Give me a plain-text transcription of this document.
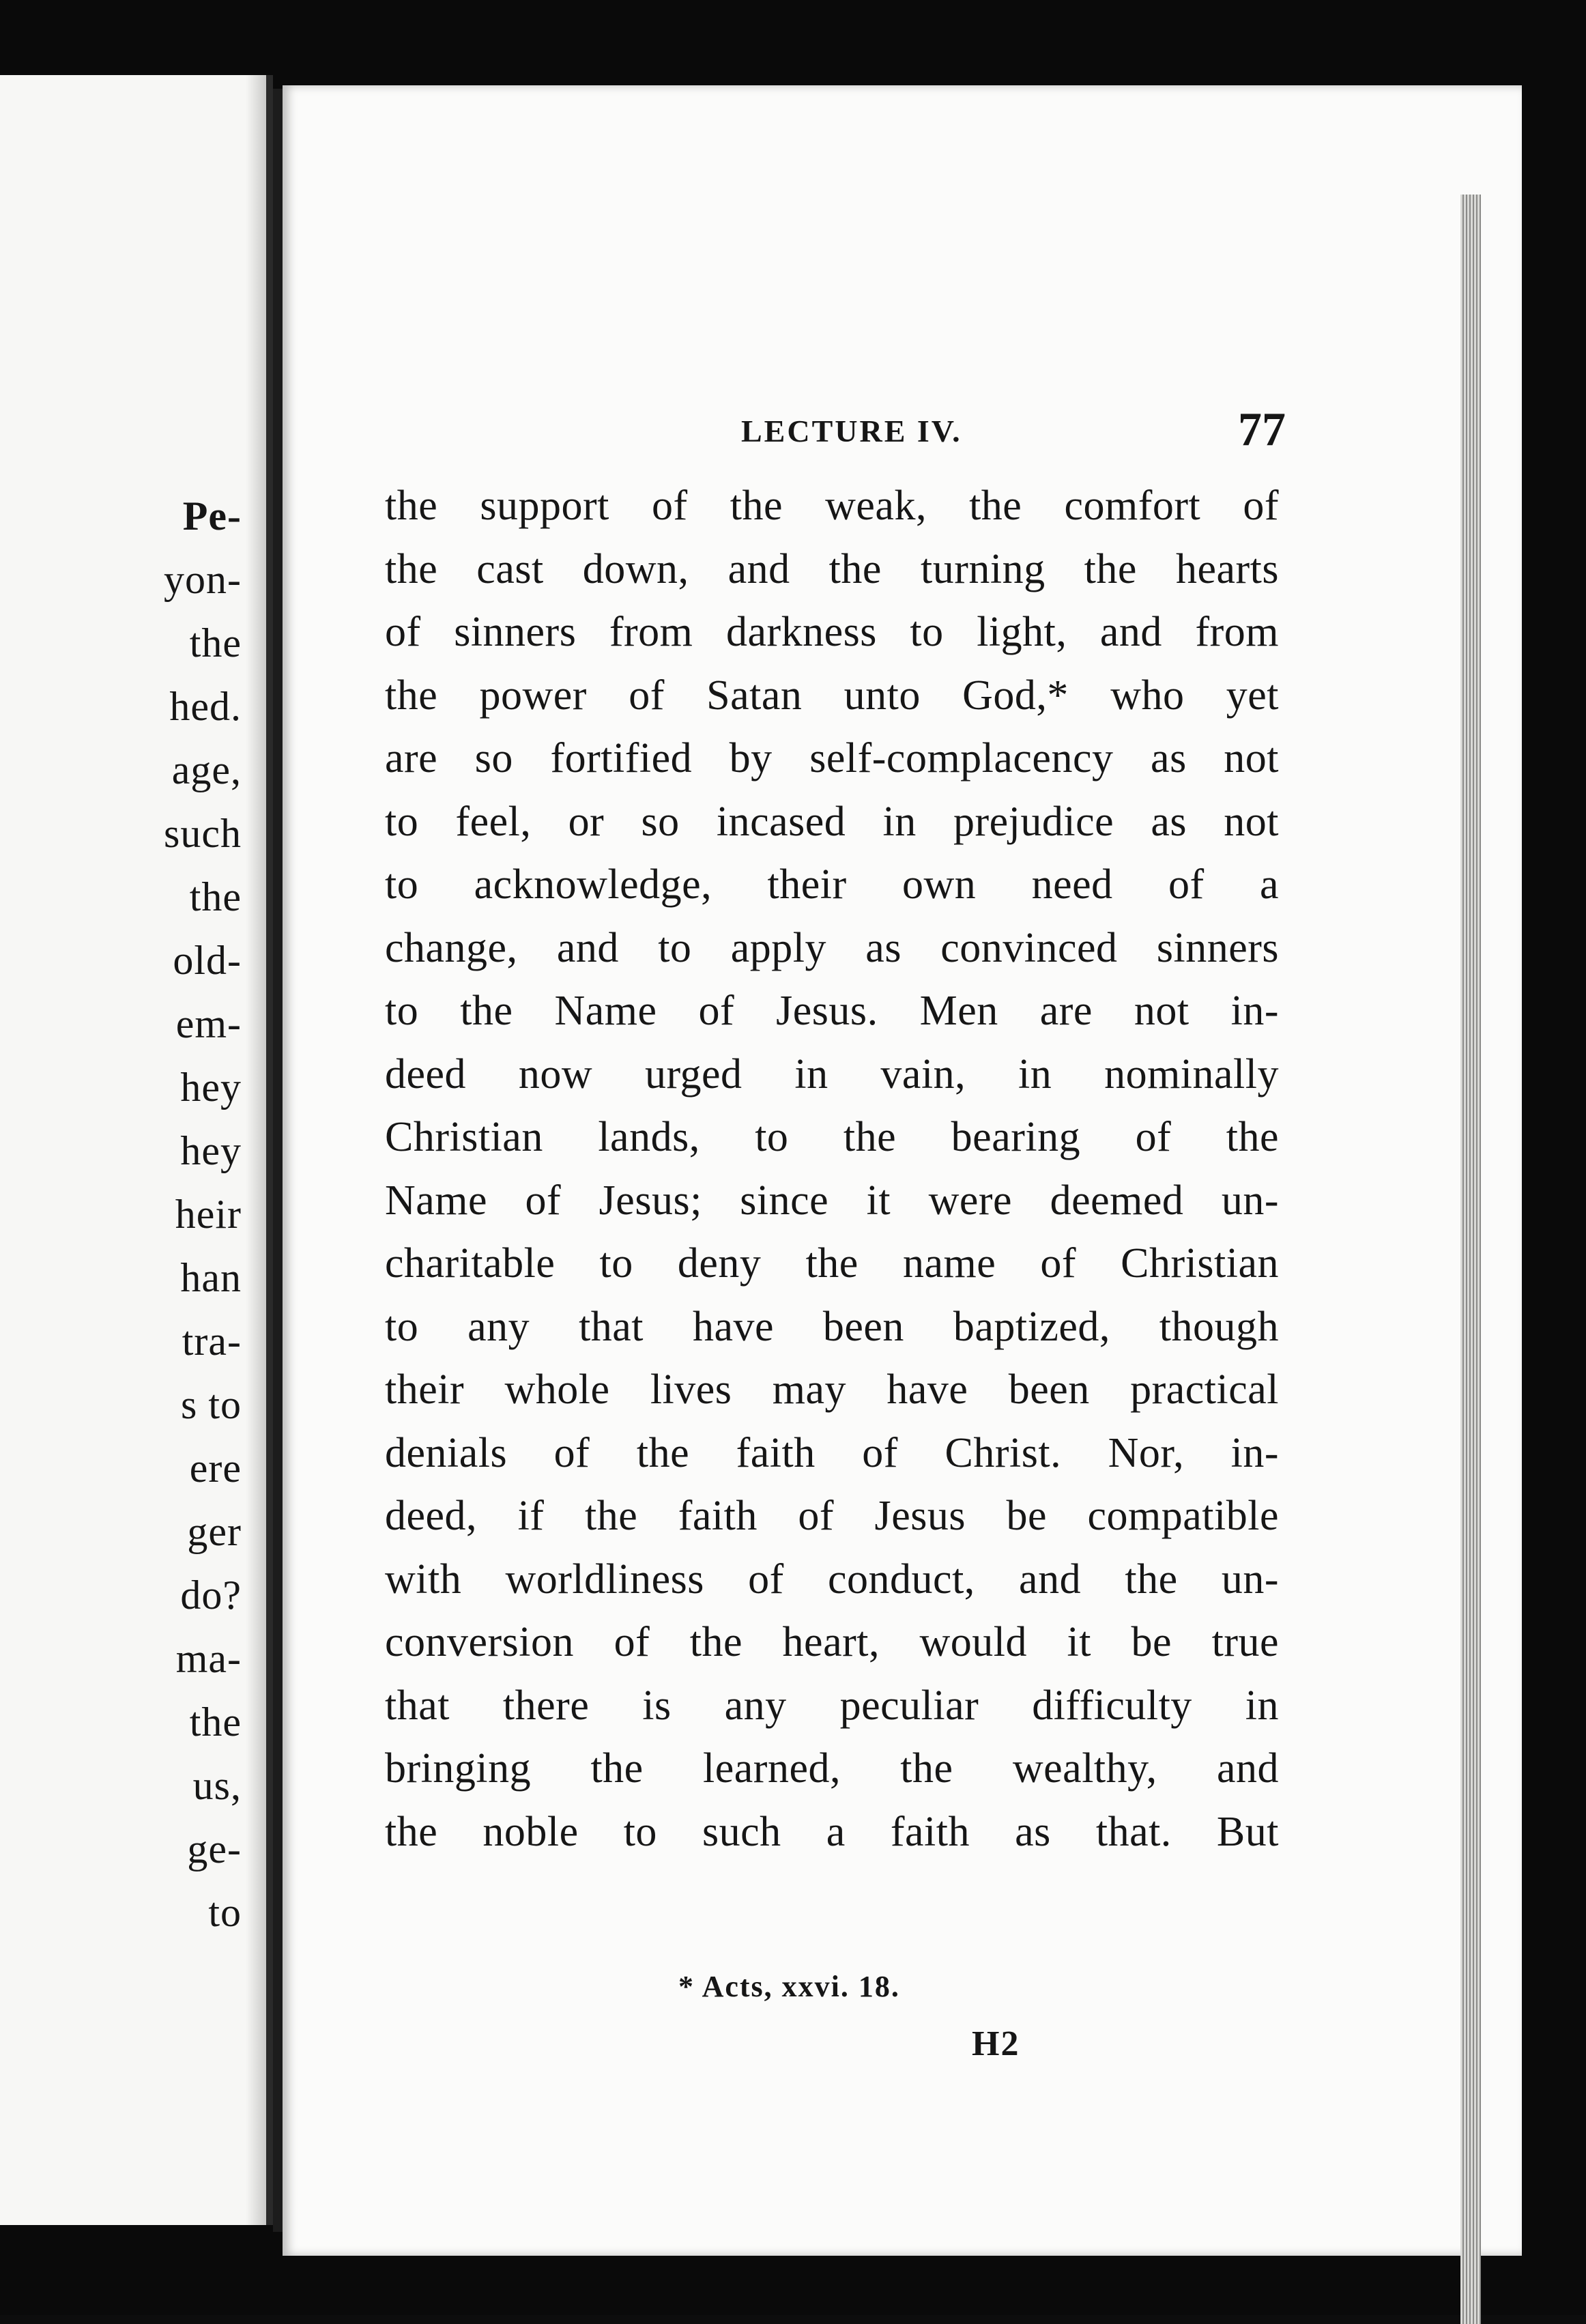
Pe-
yon-
the
hed.
age,
such
the
old-
em-
hey
hey
heir
han
tra-
s to
ere
ger
do?
ma-
the
us,
ge-
to
LECTURE IV.	77
the support of the weak, the comfort of
the cast down, and the turning the hearts
of sinners from darkness to light, and from
the power of Satan unto God,* who yet
are so fortified by self-complacency as not
to feel, or so incased in prejudice as not
to acknowledge, their own need of a
change, and to apply as convinced sinners
to the Name of Jesus. Men are not in-
deed now urged in vain, in nominally
Christian lands, to the bearing of the
Name of Jesus; since it were deemed un-
charitable to deny the name of Christian
to any that have been baptized, though
their whole lives may have been practical
denials of the faith of Christ. Nor, in-
deed, if the faith of Jesus be compatible
with worldliness of conduct, and the un-
conversion of the heart, would it be true
that there is any peculiar difficulty in
bringing the learned, the wealthy, and
the noble to such a faith as that. But
* Acts, xxvi. 18.
H2
